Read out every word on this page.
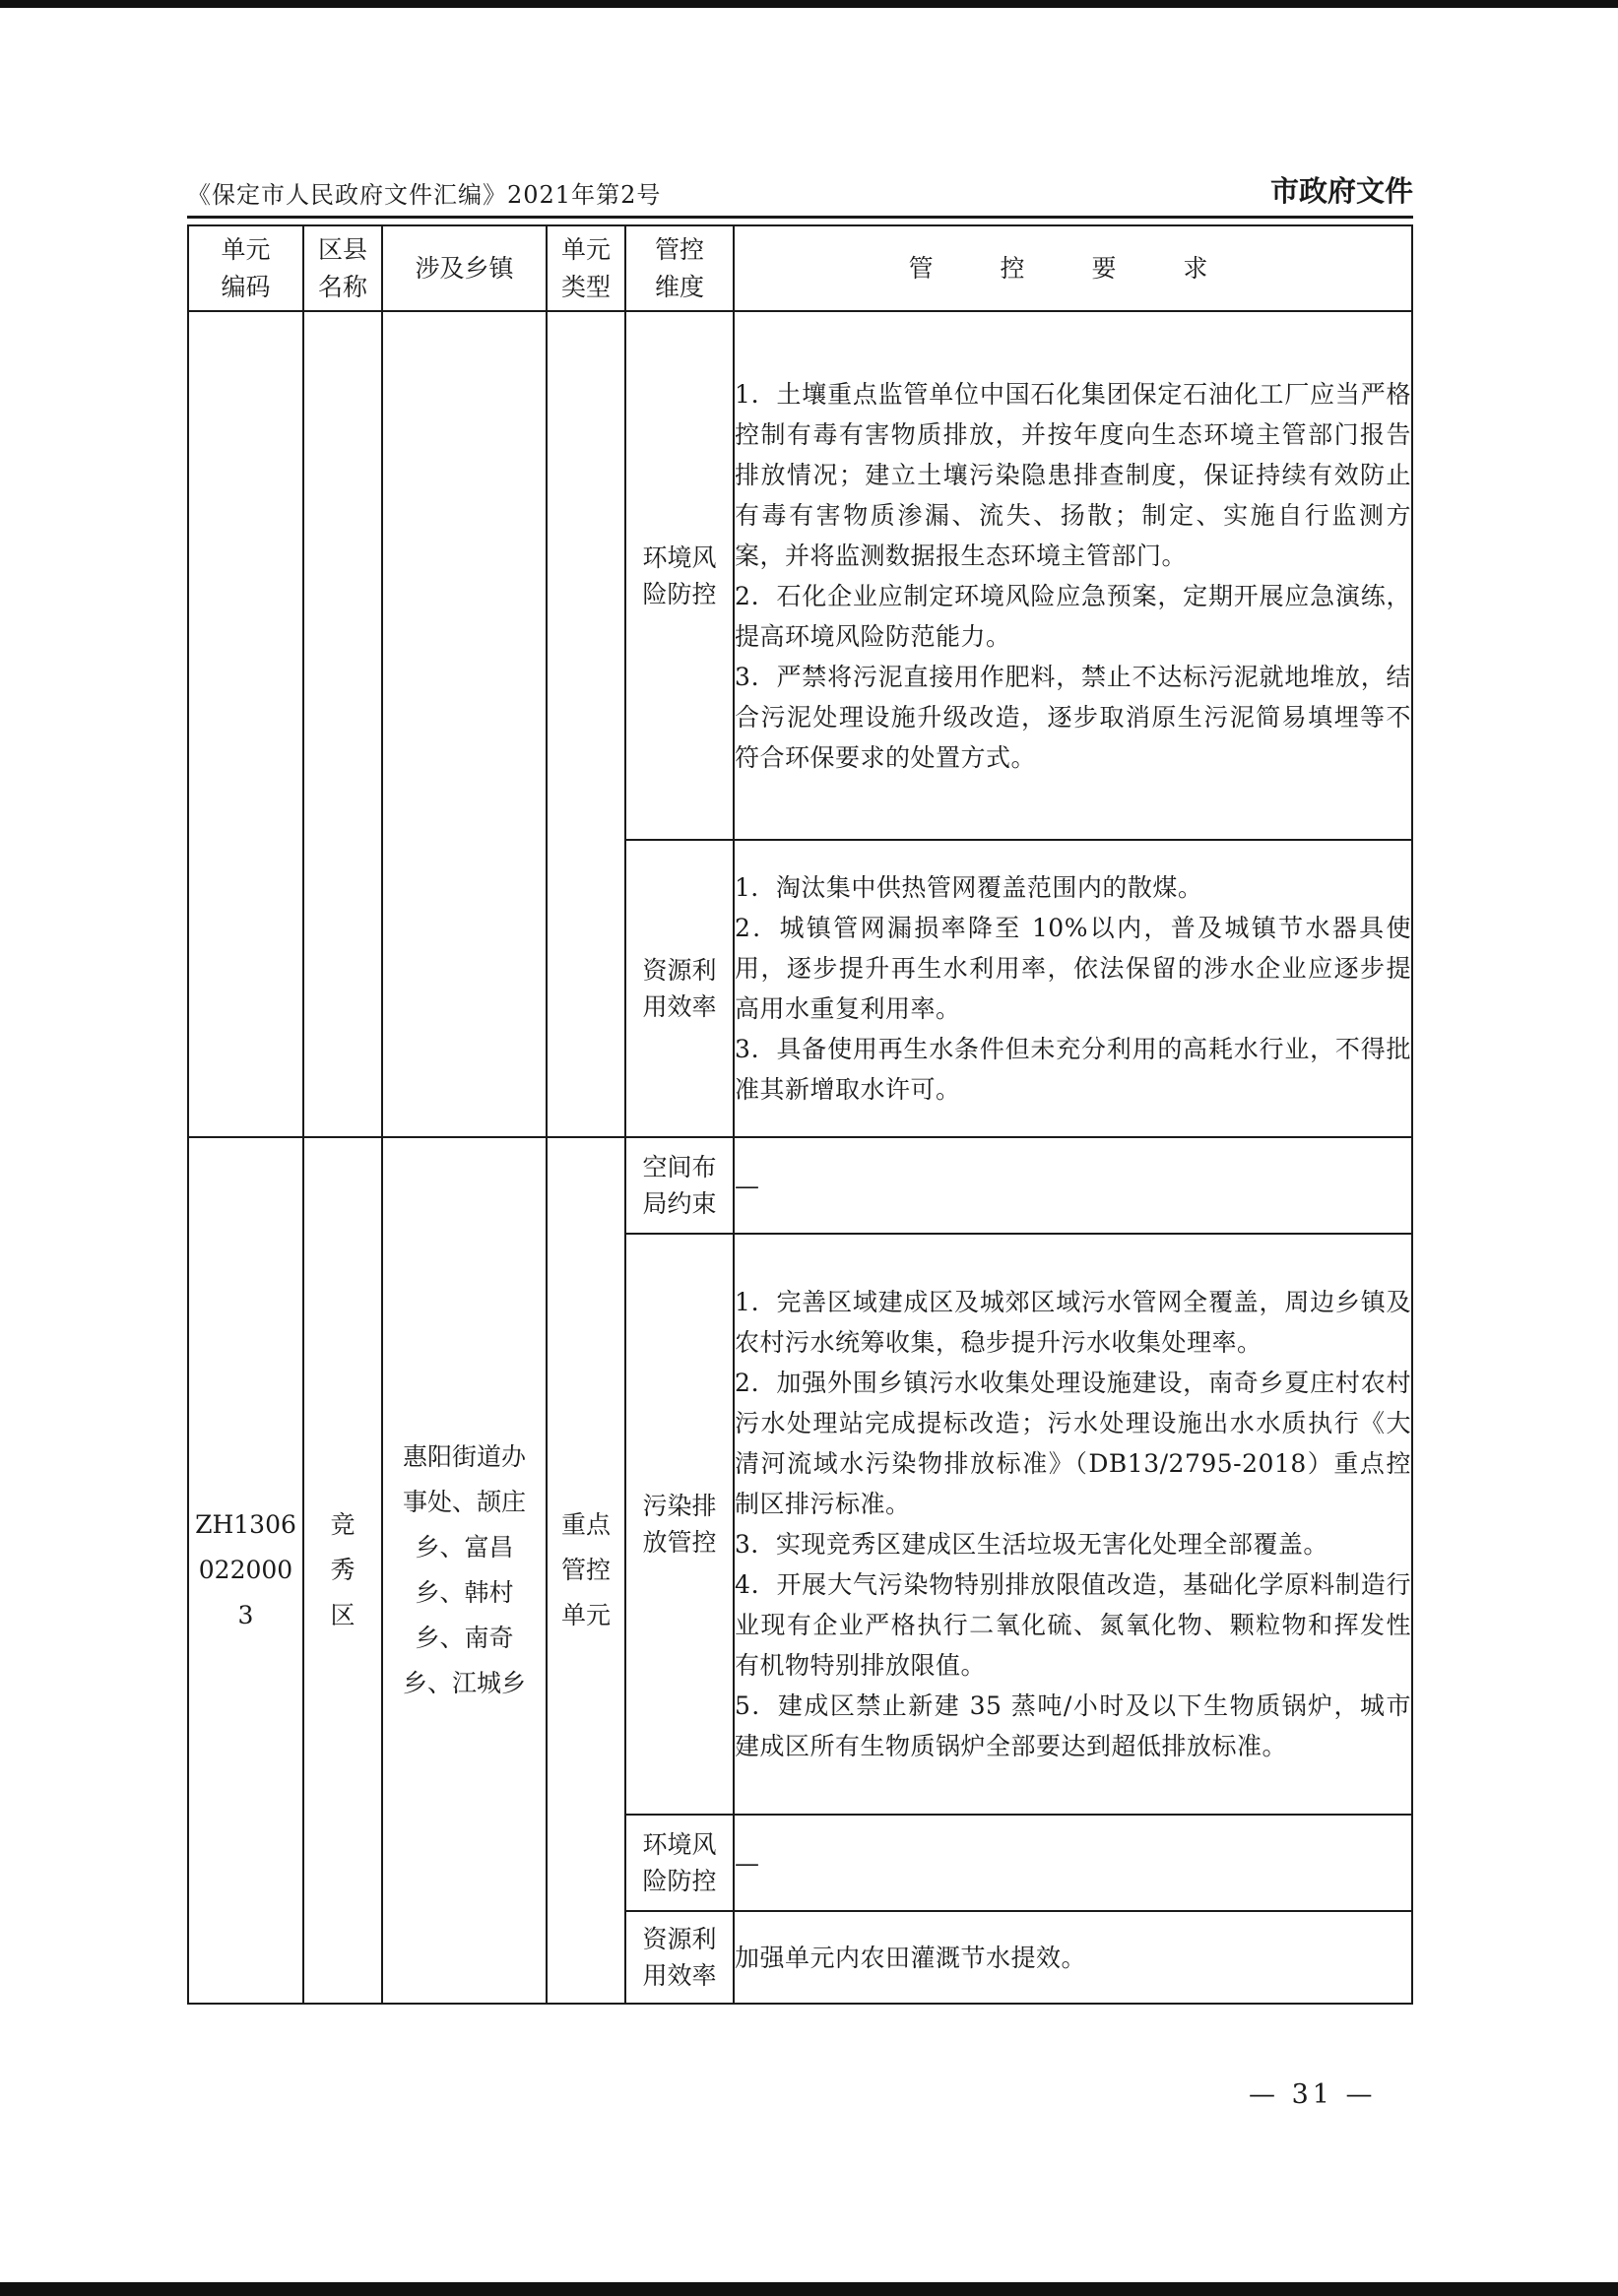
《保定市人民政府文件汇编》2021年第2号	市政府文件
单元编码	区县名称	涉及乡镇	单元类型	管控维度	管 控 要 求
				环境风险防控	1．土壤重点监管单位中国石化集团保定石油化工厂应当严格控制有毒有害物质排放，并按年度向生态环境主管部门报告排放情况；建立土壤污染隐患排查制度，保证持续有效防止有毒有害物质渗漏、流失、扬散；制定、实施自行监测方案，并将监测数据报生态环境主管部门。

2．石化企业应制定环境风险应急预案，定期开展应急演练，提高环境风险防范能力。

3．严禁将污泥直接用作肥料，禁止不达标污泥就地堆放，结合污泥处理设施升级改造，逐步取消原生污泥简易填埋等不符合环保要求的处置方式。

				资源利用效率	1．淘汰集中供热管网覆盖范围内的散煤。

2．城镇管网漏损率降至 10%以内，普及城镇节水器具使用，逐步提升再生水利用率，依法保留的涉水企业应逐步提高用水重复利用率。

3．具备使用再生水条件但未充分利用的高耗水行业，不得批准其新增取水许可。

ZH13060220003	竞秀区	惠阳街道办事处、颉庄乡、富昌乡、韩村乡、南奇乡、江城乡	重点管控单元	空间布局约束	—

				污染排放管控	1．完善区域建成区及城郊区域污水管网全覆盖，周边乡镇及农村污水统筹收集，稳步提升污水收集处理率。

2．加强外围乡镇污水收集处理设施建设，南奇乡夏庄村农村污水处理站完成提标改造；污水处理设施出水水质执行《大清河流域水污染物排放标准》（DB13/2795-2018）重点控制区排污标准。

3．实现竞秀区建成区生活垃圾无害化处理全部覆盖。

4．开展大气污染物特别排放限值改造，基础化学原料制造行业现有企业严格执行二氧化硫、氮氧化物、颗粒物和挥发性有机物特别排放限值。

5．建成区禁止新建 35 蒸吨/小时及以下生物质锅炉，城市建成区所有生物质锅炉全部要达到超低排放标准。

				环境风险防控	—

				资源利用效率	加强单元内农田灌溉节水提效。

— 31 —
